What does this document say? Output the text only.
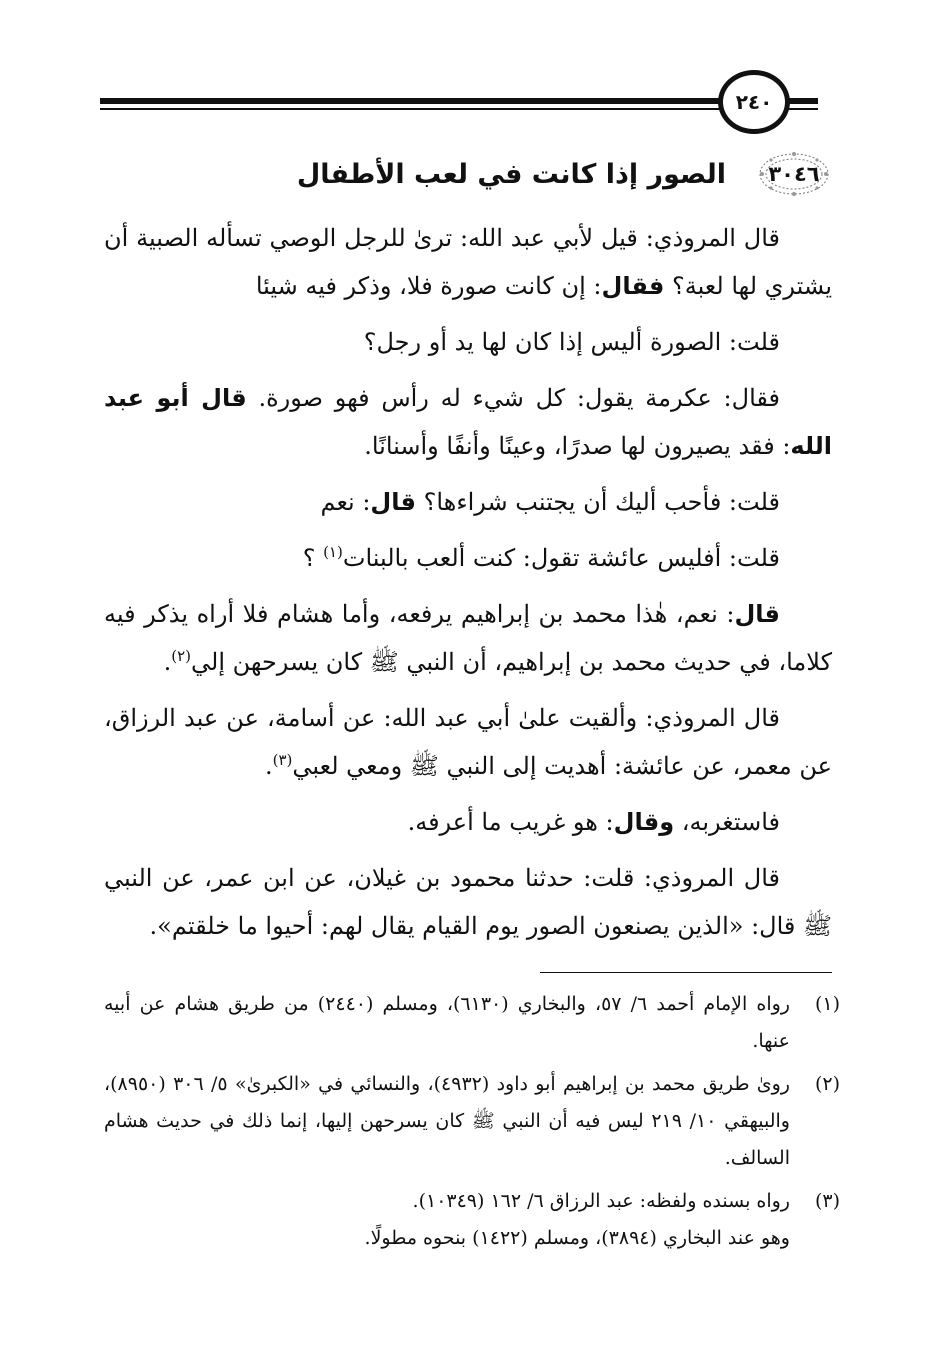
٢٤٠
٣٠٤٦
الصور إذا كانت في لعب الأطفال

قال المروذي: قيل لأبي عبد الله: ترىٰ للرجل الوصي تسأله الصبية أن يشتري لها لعبة؟ فقال: إن كانت صورة فلا، وذكر فيه شيئا

قلت: الصورة أليس إذا كان لها يد أو رجل؟

فقال: عكرمة يقول: كل شيء له رأس فهو صورة. قال أبو عبد الله: فقد يصيرون لها صدرًا، وعينًا وأنفًا وأسنانًا.

قلت: فأحب أليك أن يجتنب شراءها؟ قال: نعم

قلت: أفليس عائشة تقول: كنت ألعب بالبنات$^{(١)}$ ؟

قال: نعم، هٰذا محمد بن إبراهيم يرفعه، وأما هشام فلا أراه يذكر فيه كلاما، في حديث محمد بن إبراهيم، أن النبي ﷺ كان يسرحهن إلي$^{(٢)}$.

قال المروذي: وألقيت علىٰ أبي عبد الله: عن أسامة، عن عبد الرزاق، عن معمر، عن عائشة: أهديت إلى النبي ﷺ ومعي لعبي$^{(٣)}$.

فاستغربه، وقال: هو غريب ما أعرفه.

قال المروذي: قلت: حدثنا محمود بن غيلان، عن ابن عمر، عن النبي ﷺ قال: «الذين يصنعون الصور يوم القيام يقال لهم: أحيوا ما خلقتم».

(١)
رواه الإمام أحمد ٦/ ٥٧، والبخاري (٦١٣٠)، ومسلم (٢٤٤٠) من طريق هشام عن أبيه عنها.
(٢)
رویٰ طريق محمد بن إبراهيم أبو داود (٤٩٣٢)، والنسائي في «الكبرىٰ» ٥/ ٣٠٦ (٨٩٥٠)، والبيهقي ١٠/ ٢١٩ ليس فيه أن النبي ﷺ كان يسرحهن إليها، إنما ذلك في حديث هشام السالف.
(٣)
رواه بسنده ولفظه: عبد الرزاق ٦/ ١٦٢ (١٠٣٤٩).
وهو عند البخاري (٣٨٩٤)، ومسلم (١٤٢٢) بنحوه مطولًا.
